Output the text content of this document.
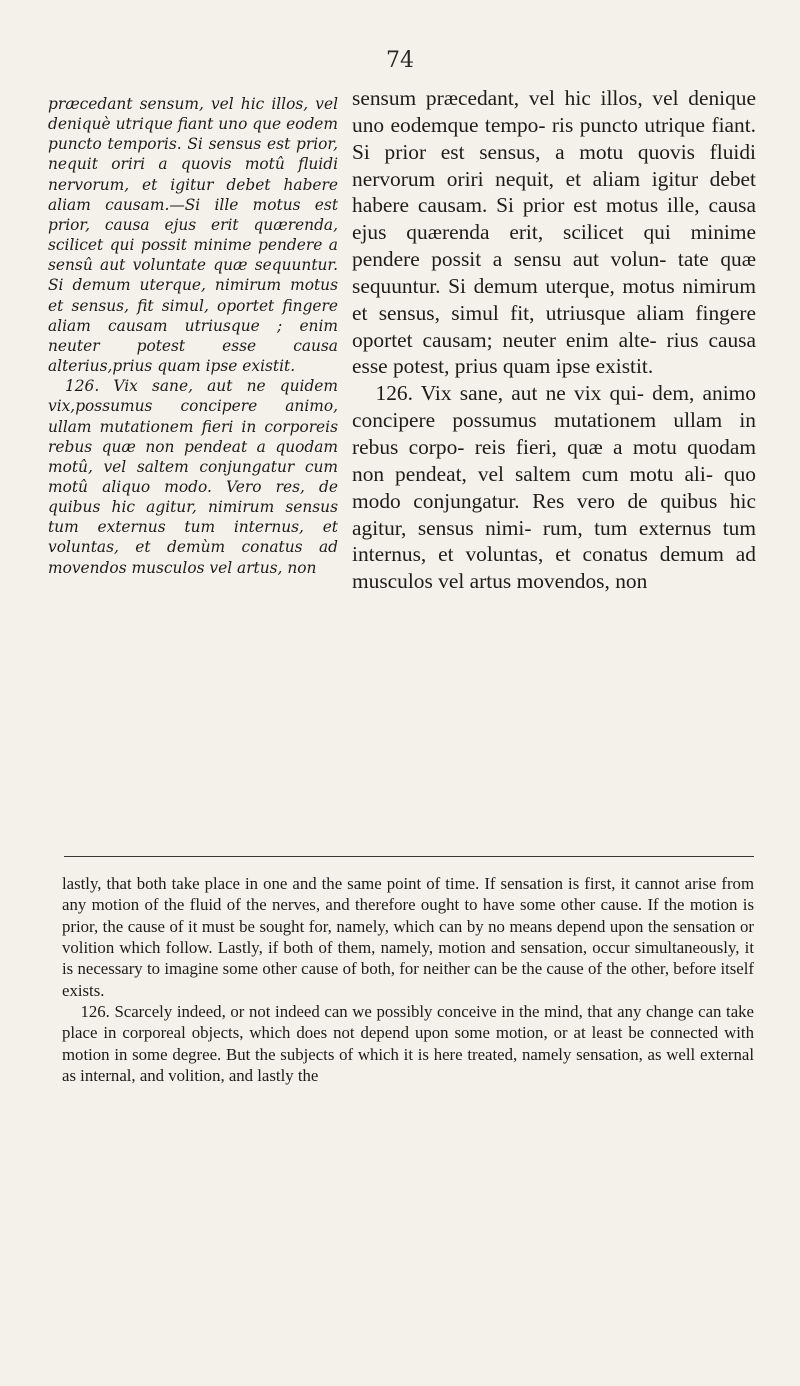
74

præcedant sensum, vel hic illos, vel deniquè utrique fiant uno que eodem puncto temporis. Si sensus est prior, nequit oriri a quovis motû fluidi nervorum, et igitur debet habere aliam causam.—Si ille motus est prior, causa ejus erit quærenda, scilicet qui possit minime pendere a sensû aut voluntate quæ sequuntur. Si demum uterque, nimirum motus et sensus, fit simul, oportet fingere aliam causam utriusque ; enim neuter potest esse causa alterius,prius quam ipse existit.

126. Vix sane, aut ne quidem vix,possumus concipere animo, ullam mutationem fieri in corporeis rebus quæ non pendeat a quodam motû, vel saltem conjungatur cum motû aliquo modo. Vero res, de quibus hic agitur, nimirum sensus tum externus tum internus, et voluntas, et demùm conatus ad movendos musculos vel artus, non

sensum præcedant, vel hic illos, vel denique uno eodemque tempo- ris puncto utrique fiant. Si prior est sensus, a motu quovis fluidi nervorum oriri nequit, et aliam igitur debet habere causam. Si prior est motus ille, causa ejus quærenda erit, scilicet qui minime pendere possit a sensu aut volun- tate quæ sequuntur. Si demum uterque, motus nimirum et sensus, simul fit, utriusque aliam fingere oportet causam; neuter enim alte- rius causa esse potest, prius quam ipse existit.

126. Vix sane, aut ne vix qui- dem, animo concipere possumus mutationem ullam in rebus corpo- reis fieri, quæ a motu quodam non pendeat, vel saltem cum motu ali- quo modo conjungatur. Res vero de quibus hic agitur, sensus nimi- rum, tum externus tum internus, et voluntas, et conatus demum ad musculos vel artus movendos, non

lastly, that both take place in one and the same point of time. If sensation is first, it cannot arise from any motion of the fluid of the nerves, and therefore ought to have some other cause. If the motion is prior, the cause of it must be sought for, namely, which can by no means depend upon the sensation or volition which follow. Lastly, if both of them, namely, motion and sensation, occur simultaneously, it is necessary to imagine some other cause of both, for neither can be the cause of the other, before itself exists.

126. Scarcely indeed, or not indeed can we possibly conceive in the mind, that any change can take place in corporeal objects, which does not depend upon some motion, or at least be connected with motion in some degree. But the subjects of which it is here treated, namely sensation, as well external as internal, and volition, and lastly the
